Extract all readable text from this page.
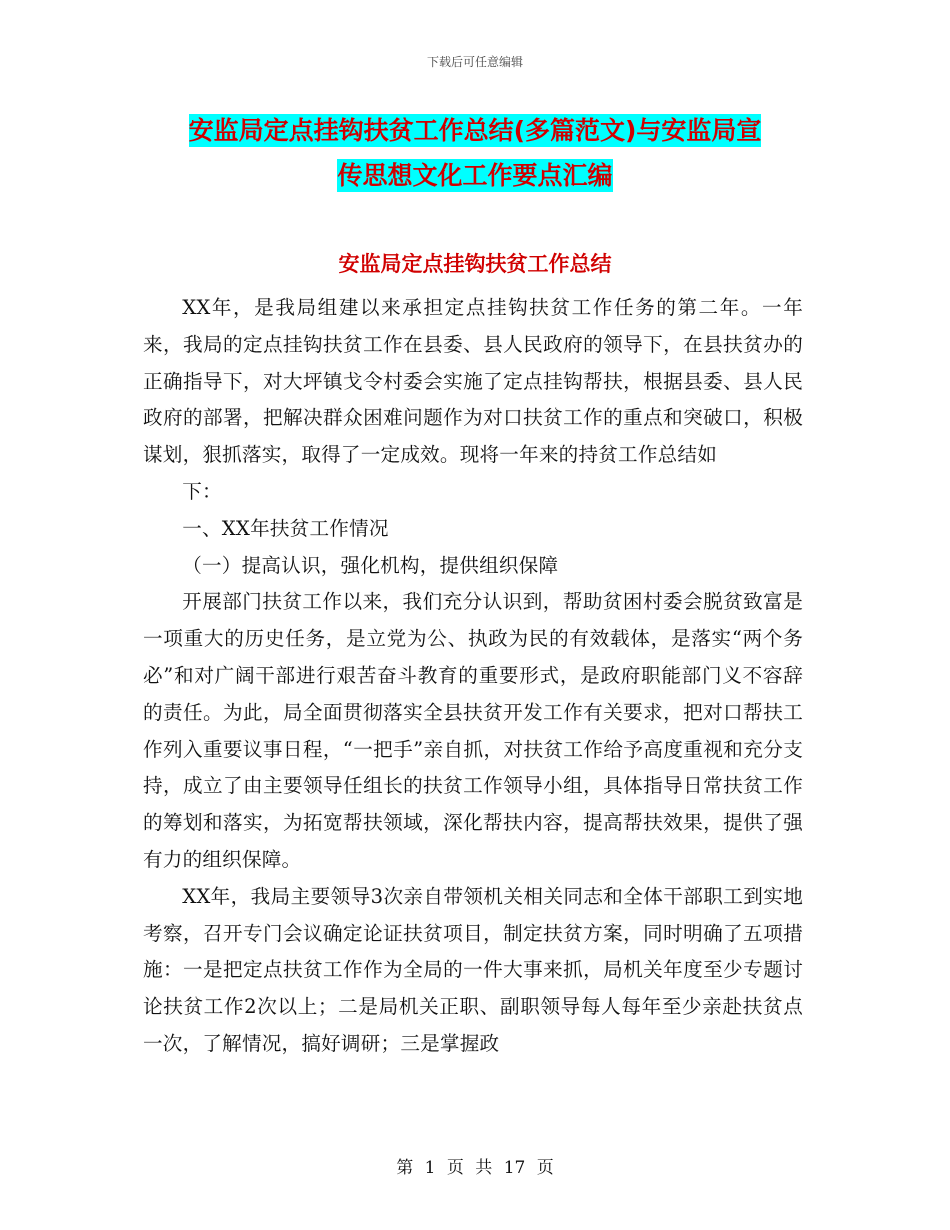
下载后可任意编辑
安监局定点挂钩扶贫工作总结(多篇范文)与安监局宣
传思想文化工作要点汇编
安监局定点挂钩扶贫工作总结

XX年，是我局组建以来承担定点挂钩扶贫工作任务的第二年。一年来，我局的定点挂钩扶贫工作在县委、县人民政府的领导下，在县扶贫办的正确指导下，对大坪镇戈令村委会实施了定点挂钩帮扶，根据县委、县人民政府的部署，把解决群众困难问题作为对口扶贫工作的重点和突破口，积极谋划，狠抓落实，取得了一定成效。现将一年来的持贫工作总结如

下：

一、XX年扶贫工作情况

（一）提高认识，强化机构，提供组织保障

开展部门扶贫工作以来，我们充分认识到，帮助贫困村委会脱贫致富是一项重大的历史任务，是立党为公、执政为民的有效载体，是落实“两个务必”和对广阔干部进行艰苦奋斗教育的重要形式，是政府职能部门义不容辞的责任。为此，局全面贯彻落实全县扶贫开发工作有关要求，把对口帮扶工作列入重要议事日程，“一把手”亲自抓，对扶贫工作给予高度重视和充分支持，成立了由主要领导任组长的扶贫工作领导小组，具体指导日常扶贫工作的筹划和落实，为拓宽帮扶领域，深化帮扶内容，提高帮扶效果，提供了强有力的组织保障。

XX年，我局主要领导3次亲自带领机关相关同志和全体干部职工到实地考察，召开专门会议确定论证扶贫项目，制定扶贫方案，同时明确了五项措施：一是把定点扶贫工作作为全局的一件大事来抓，局机关年度至少专题讨论扶贫工作2次以上；二是局机关正职、副职领导每人每年至少亲赴扶贫点一次，了解情况，搞好调研；三是掌握政

第 1 页 共 17 页
